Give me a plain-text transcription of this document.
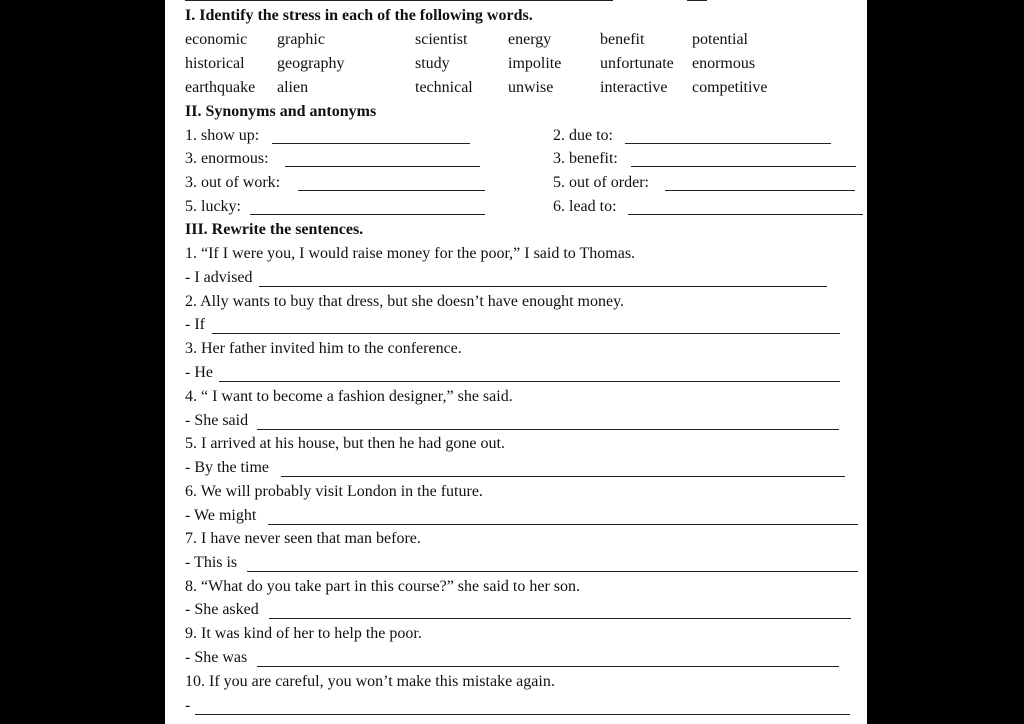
I. Identify the stress in each of the following words.
economic graphic	scientist	energy	benefit	potential
historical geography	study	impolite unfortunate enormous
earthquake alien	technical unwise	interactive competitive
II. Synonyms and antonyms
1. show up:	2. due to:
3. enormous:	3. benefit:
3. out of work:	5. out of order:
5. lucky:	6. lead to:
III. Rewrite the sentences.
1. “If I were you, I would raise money for the poor,” I said to Thomas.
- I advised
2. Ally wants to buy that dress, but she doesn’t have enought money.
- If
3. Her father invited him to the conference.
- He
4. “ I want to become a fashion designer,” she said.
- She said
5. I arrived at his house, but then he had gone out.
- By the time
6. We will probably visit London in the future.
- We might
7. I have never seen that man before.
- This is
8. “What do you take part in this course?” she said to her son.
- She asked
9. It was kind of her to help the poor.
- She was
10. If you are careful, you won’t make this mistake again.
-
